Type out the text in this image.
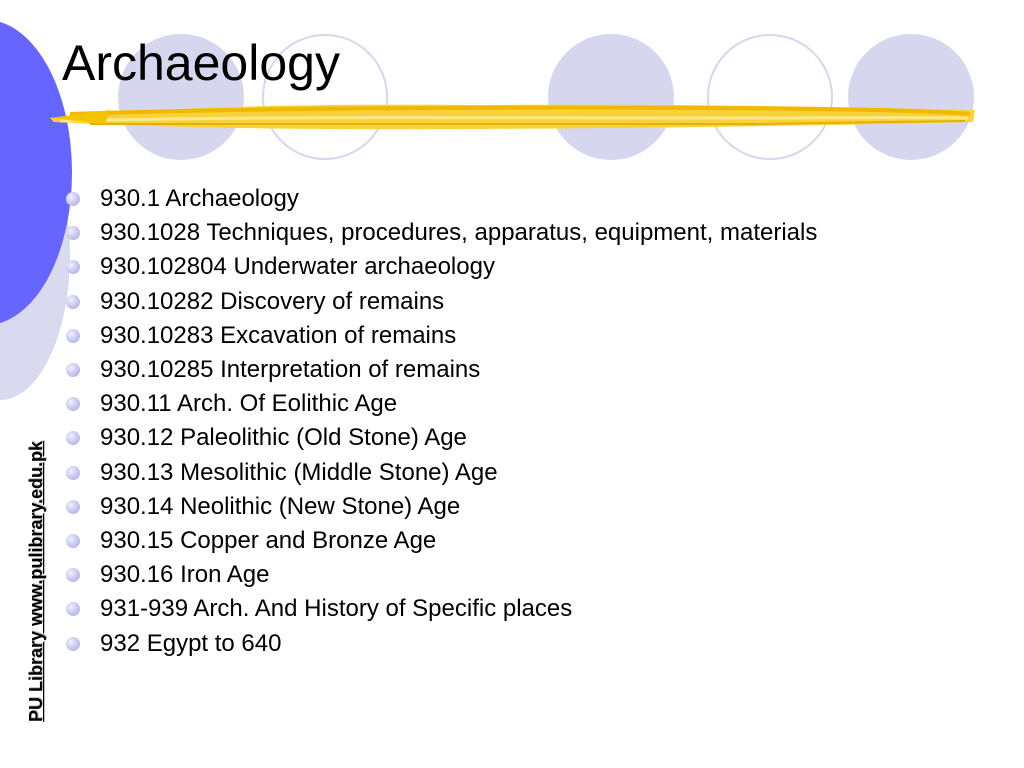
Archaeology
930.1 Archaeology
930.1028 Techniques, procedures, apparatus, equipment, materials
930.102804 Underwater archaeology
930.10282 Discovery of remains
930.10283 Excavation of remains
930.10285 Interpretation of remains
930.11 Arch. Of Eolithic Age
930.12 Paleolithic (Old Stone) Age
930.13 Mesolithic (Middle Stone) Age
930.14 Neolithic (New Stone) Age
930.15 Copper and Bronze Age
930.16 Iron Age
931-939 Arch. And History of Specific places
932 Egypt to 640
PU Library www.pulibrary.edu.pk
